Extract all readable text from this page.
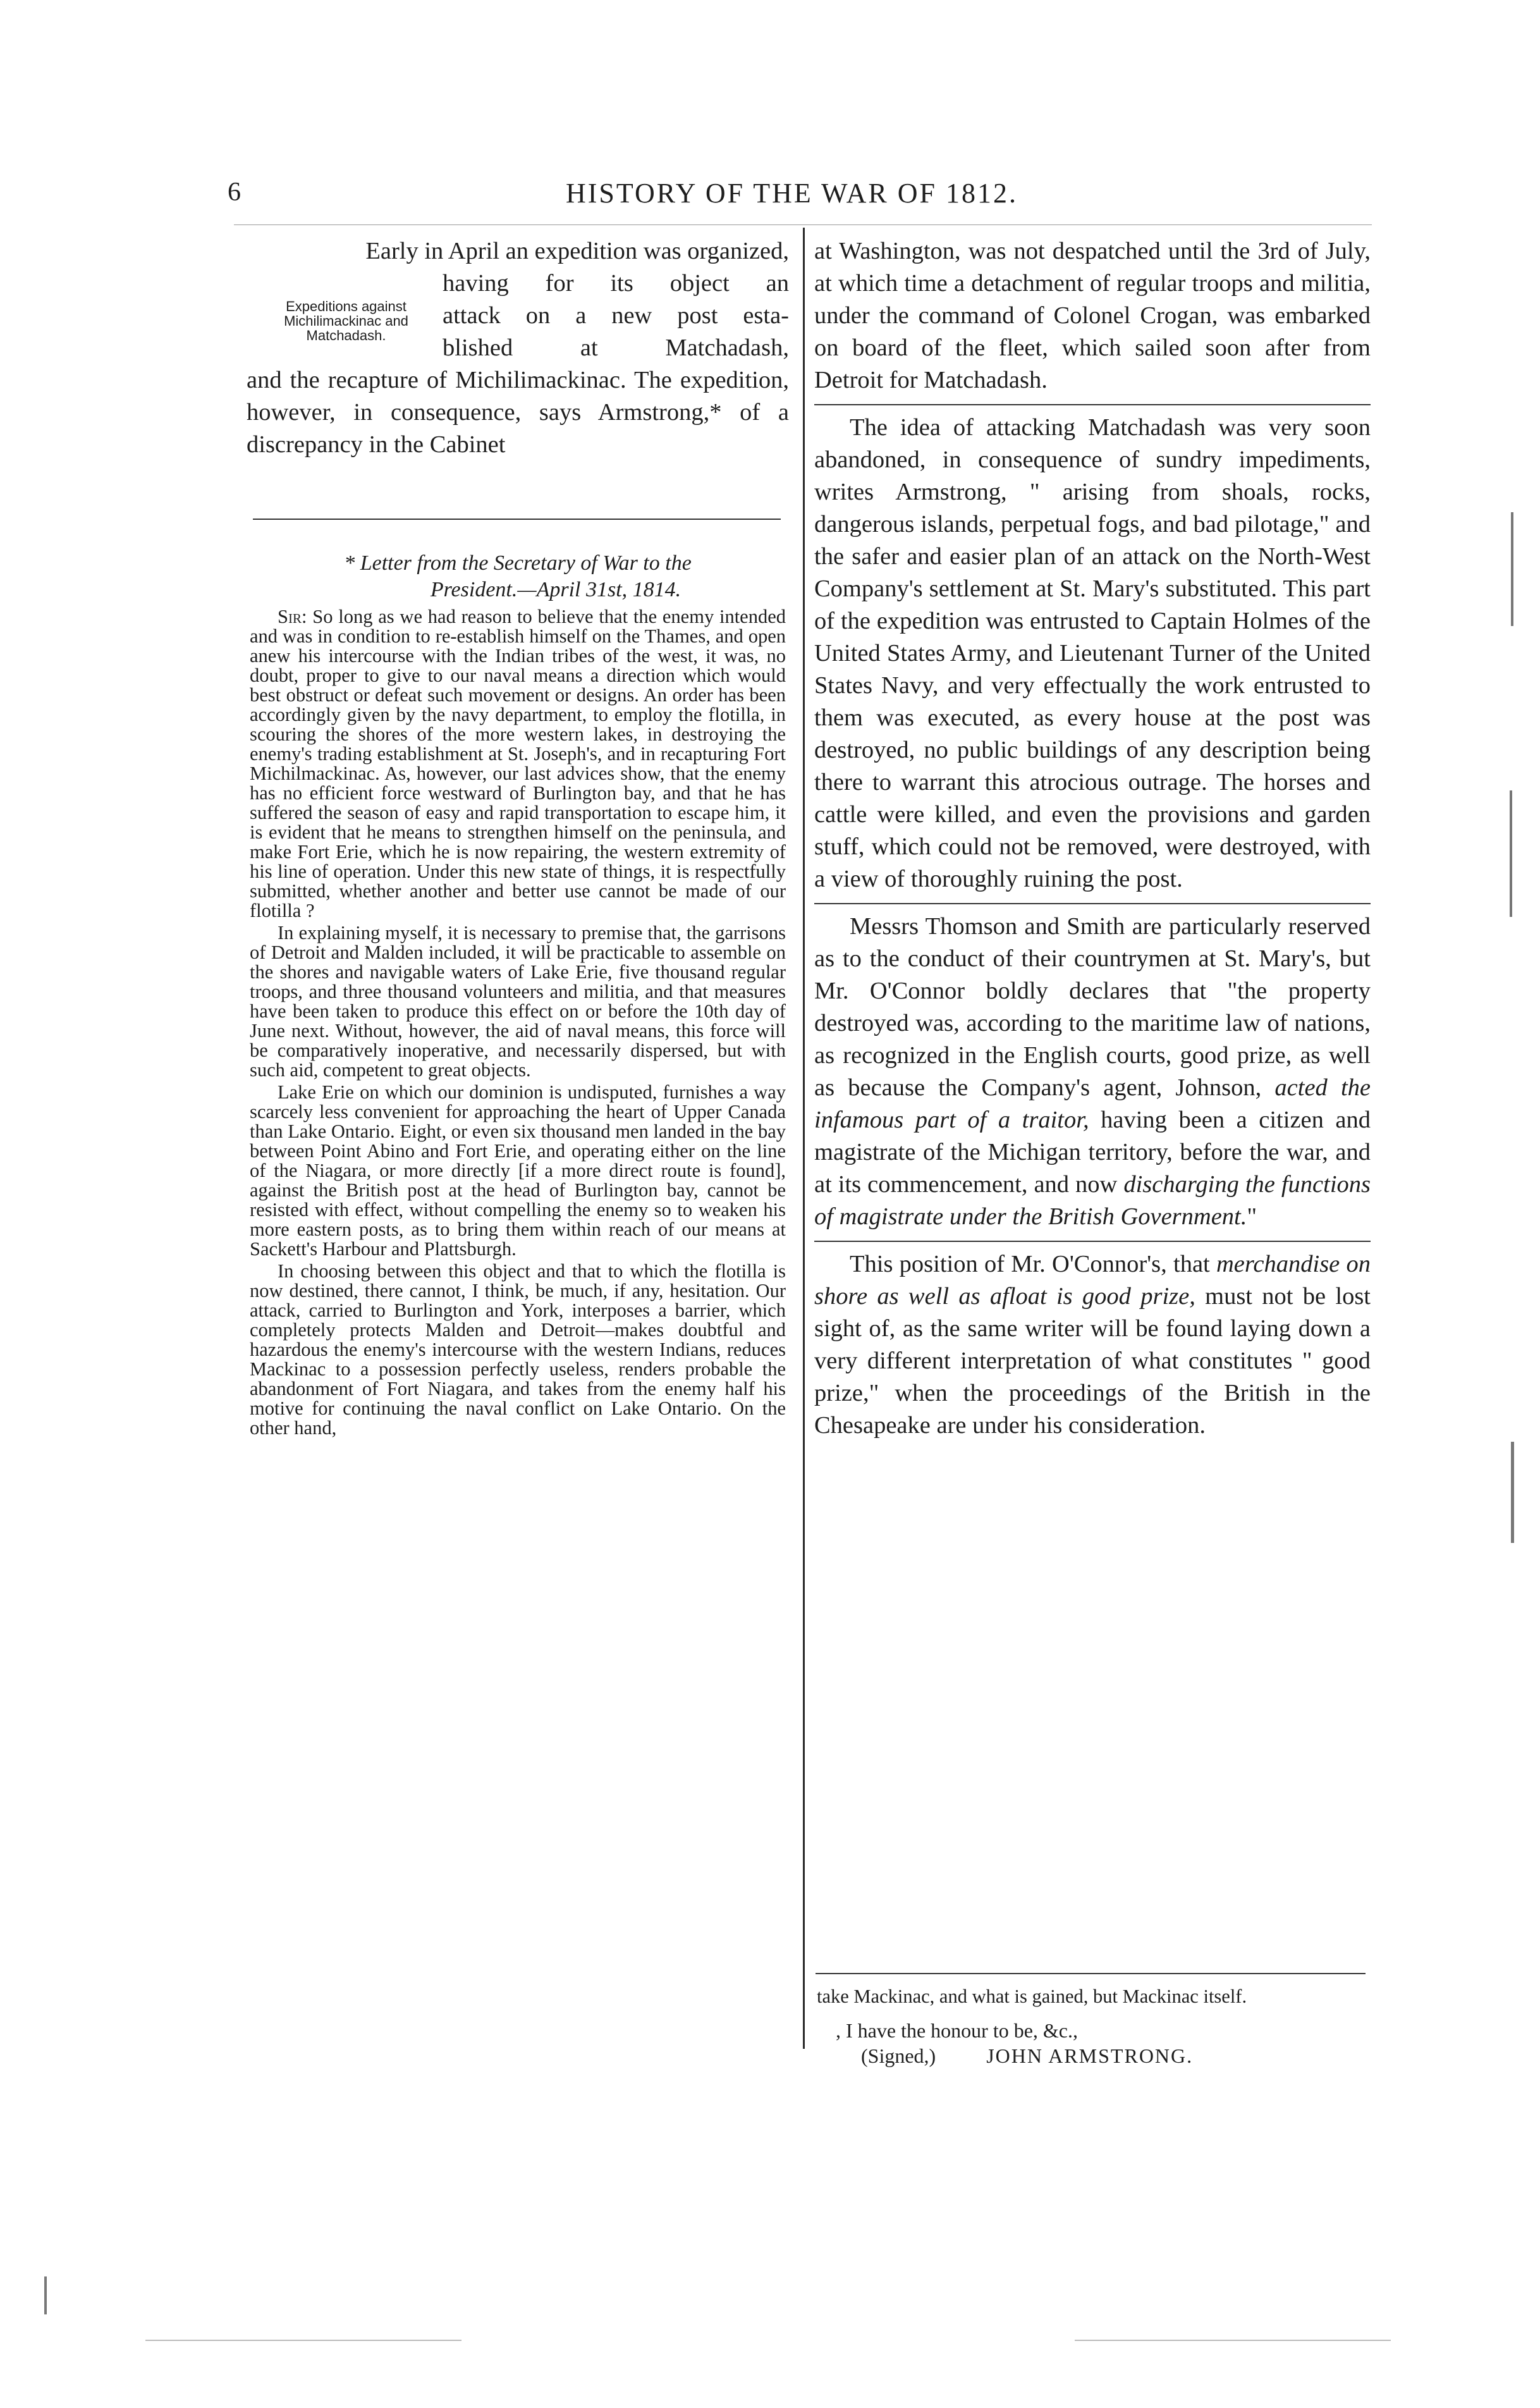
6	HISTORY OF THE WAR OF 1812.
Expeditions against Michilimackinac and Matchadash.
Early in April an expedition was organized,
having for its object an
attack on a new post esta-
blished at Matchadash,

and the recapture of Michilimackinac. The expedition, however, in consequence, says Armstrong,* of a discrepancy in the Cabinet

* Letter from the Secretary of War to the
President.—April 31st, 1814.

Sir: So long as we had reason to believe that the enemy intended and was in condition to re-establish himself on the Thames, and open anew his intercourse with the Indian tribes of the west, it was, no doubt, proper to give to our naval means a direction which would best obstruct or defeat such movement or designs. An order has been accordingly given by the navy department, to employ the flotilla, in scouring the shores of the more western lakes, in destroying the enemy's trading establishment at St. Joseph's, and in recapturing Fort Michilmackinac. As, however, our last advices show, that the enemy has no efficient force westward of Burlington bay, and that he has suffered the season of easy and rapid transportation to escape him, it is evident that he means to strengthen himself on the peninsula, and make Fort Erie, which he is now repairing, the western extremity of his line of operation. Under this new state of things, it is respectfully submitted, whether another and better use cannot be made of our flotilla ?

In explaining myself, it is necessary to premise that, the garrisons of Detroit and Malden included, it will be practicable to assemble on the shores and navigable waters of Lake Erie, five thousand regular troops, and three thousand volunteers and militia, and that measures have been taken to produce this effect on or before the 10th day of June next. Without, however, the aid of naval means, this force will be comparatively inoperative, and necessarily dispersed, but with such aid, competent to great objects.

Lake Erie on which our dominion is undisputed, furnishes a way scarcely less convenient for approaching the heart of Upper Canada than Lake Ontario. Eight, or even six thousand men landed in the bay between Point Abino and Fort Erie, and operating either on the line of the Niagara, or more directly [if a more direct route is found], against the British post at the head of Burlington bay, cannot be resisted with effect, without compelling the enemy so to weaken his more eastern posts, as to bring them within reach of our means at Sackett's Harbour and Plattsburgh.

In choosing between this object and that to which the flotilla is now destined, there cannot, I think, be much, if any, hesitation. Our attack, carried to Burlington and York, interposes a barrier, which completely protects Malden and Detroit—makes doubtful and hazardous the enemy's intercourse with the western Indians, reduces Mackinac to a possession perfectly useless, renders probable the abandonment of Fort Niagara, and takes from the enemy half his motive for continuing the naval conflict on Lake Ontario. On the other hand,

at Washington, was not despatched until the 3rd of July, at which time a detachment of regular troops and militia, under the command of Colonel Crogan, was embarked on board of the fleet, which sailed soon after from Detroit for Matchadash.

The idea of attacking Matchadash was very soon abandoned, in consequence of sundry impediments, writes Armstrong, " arising from shoals, rocks, dangerous islands, perpetual fogs, and bad pilotage," and the safer and easier plan of an attack on the North-West Company's settlement at St. Mary's substituted. This part of the expedition was entrusted to Captain Holmes of the United States Army, and Lieutenant Turner of the United States Navy, and very effectually the work entrusted to them was executed, as every house at the post was destroyed, no public buildings of any description being there to warrant this atrocious outrage. The horses and cattle were killed, and even the provisions and garden stuff, which could not be removed, were destroyed, with a view of thoroughly ruining the post.

Messrs Thomson and Smith are particularly reserved as to the conduct of their countrymen at St. Mary's, but Mr. O'Connor boldly declares that "the property destroyed was, according to the maritime law of nations, as recognized in the English courts, good prize, as well as because the Company's agent, Johnson, acted the infamous part of a traitor, having been a citizen and magistrate of the Michigan territory, before the war, and at its commencement, and now discharging the functions of magistrate under the British Government."

This position of Mr. O'Connor's, that merchandise on shore as well as afloat is good prize, must not be lost sight of, as the same writer will be found laying down a very different interpretation of what constitutes " good prize," when the proceedings of the British in the Chesapeake are under his consideration.

take Mackinac, and what is gained, but Mackinac itself.

, I have the honour to be, &c.,
(Signed,)	JOHN ARMSTRONG.
